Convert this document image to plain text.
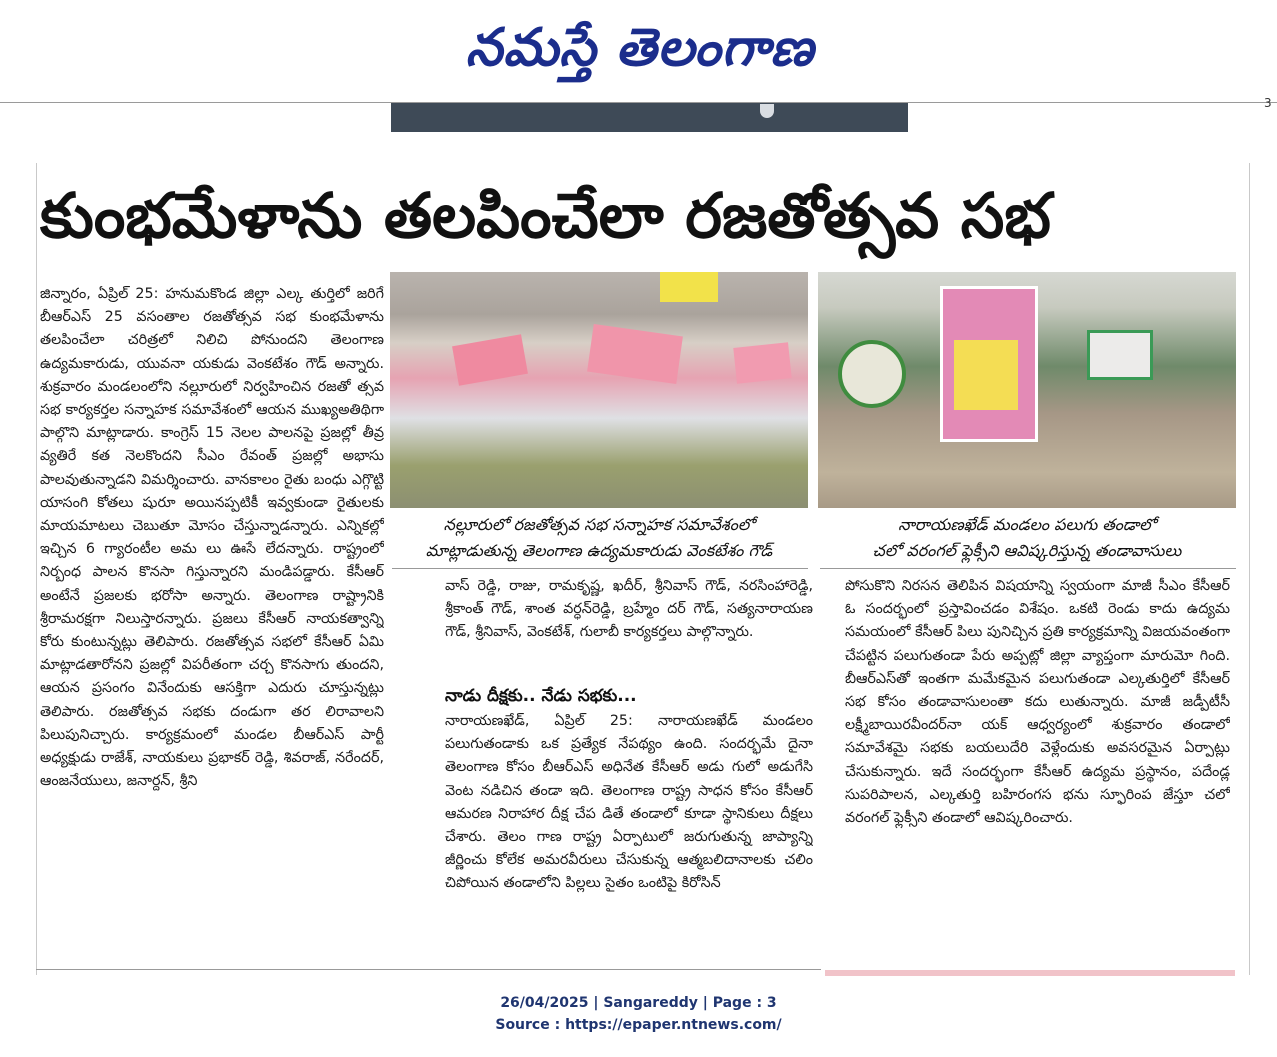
నమస్తే తెలంగాణ
3
కుంభమేళాను తలపించేలా రజతోత్సవ సభ

జిన్నారం, ఏప్రిల్ 25: హనుమకొండ జిల్లా ఎల్క తుర్తిలో జరిగే బీఆర్ఎస్ 25 వసంతాల రజతోత్సవ సభ కుంభమేళాను తలపించేలా చరిత్రలో నిలిచి పోనుందని తెలంగాణ ఉద్యమకారుడు, యువనా యకుడు వెంకటేశం గౌడ్ అన్నారు. శుక్రవారం మండలంలోని నల్లూరులో నిర్వహించిన రజతో త్సవ సభ కార్యకర్తల సన్నాహక సమావేశంలో ఆయన ముఖ్యఅతిథిగా పాల్గొని మాట్లాడారు. కాంగ్రెస్ 15 నెలల పాలనపై ప్రజల్లో తీవ్ర వ్యతిరే కత నెలకొందని సీఎం రేవంత్ ప్రజల్లో అభాసు పాలవుతున్నాడని విమర్శించారు. వానకాలం రైతు బంధు ఎగ్గొట్టి యాసంగి కోతలు షురూ అయినప్పటికీ ఇవ్వకుండా రైతులకు మాయమాటలు చెబుతూ మోసం చేస్తున్నాడన్నారు. ఎన్నికల్లో ఇచ్చిన 6 గ్యారంటీల అమ లు ఊసే లేదన్నారు. రాష్ట్రంలో నిర్బంధ పాలన కొనసా గిస్తున్నారని మండిపడ్డారు. కేసీఆర్ అంటేనే ప్రజలకు భరోసా అన్నారు. తెలంగాణ రాష్ట్రానికి శ్రీరామరక్షగా నిలుస్తారన్నారు. ప్రజలు కేసీఆర్ నాయకత్వాన్ని కోరు కుంటున్నట్లు తెలిపారు. రజతోత్సవ సభలో కేసీఆర్ ఏమి మాట్లాడతారోనని ప్రజల్లో విపరీతంగా చర్చ కొనసాగు తుందని, ఆయన ప్రసంగం వినేందుకు ఆసక్తిగా ఎదురు చూస్తున్నట్లు తెలిపారు. రజతోత్సవ సభకు దండుగా తర లిరావాలని పిలుపునిచ్చారు. కార్యక్రమంలో మండల బీఆర్ఎస్ పార్టీ అధ్యక్షుడు రాజేశ్, నాయకులు ప్రభాకర్ రెడ్డి, శివరాజ్, నరేందర్, ఆంజనేయులు, జనార్దన్, శ్రీని

నల్లూరులో రజతోత్సవ సభ సన్నాహక సమావేశంలో
మాట్లాడుతున్న తెలంగాణ ఉద్యమకారుడు వెంకటేశం గౌడ్
నారాయణఖేడ్ మండలం పలుగు తండాలో
చలో వరంగల్ ఫ్లెక్సీని ఆవిష్కరిస్తున్న తండావాసులు

వాస్ రెడ్డి, రాజు, రామకృష్ణ, ఖదీర్, శ్రీనివాస్ గౌడ్, నరసింహారెడ్డి, శ్రీకాంత్ గౌడ్, శాంత వర్ధన్‌రెడ్డి, బ్రహ్మేం దర్ గౌడ్, సత్యనారాయణ గౌడ్, శ్రీనివాస్, వెంకటేశ్, గులాబీ కార్యకర్తలు పాల్గొన్నారు.

నాడు దీక్షకు.. నేడు సభకు...

నారాయణఖేడ్, ఏప్రిల్ 25: నారాయణఖేడ్ మండలం పలుగుతండాకు ఒక ప్రత్యేక నేపథ్యం ఉంది. సందర్భమే దైనా తెలంగాణ కోసం బీఆర్ఎస్ అధినేత కేసీఆర్ అడు గులో అడుగేసి వెంట నడిచిన తండా ఇది. తెలంగాణ రాష్ట్ర సాధన కోసం కేసీఆర్ ఆమరణ నిరాహార దీక్ష చేప డితే తండాలో కూడా స్థానికులు దీక్షలు చేశారు. తెలం గాణ రాష్ట్ర ఏర్పాటులో జరుగుతున్న జాప్యాన్ని జీర్ణించు కోలేక అమరవీరులు చేసుకున్న ఆత్మబలిదానాలకు చలిం చిపోయిన తండాలోని పిల్లలు సైతం ఒంటిపై కిరోసిన్

పోసుకొని నిరసన తెలిపిన విషయాన్ని స్వయంగా మాజీ సీఎం కేసీఆర్ ఓ సందర్భంలో ప్రస్తావించడం విశేషం. ఒకటి రెండు కాదు ఉద్యమ సమయంలో కేసీఆర్ పిలు పునిచ్చిన ప్రతి కార్యక్రమాన్ని విజయవంతంగా చేపట్టిన పలుగుతండా పేరు అప్పట్లో జిల్లా వ్యాప్తంగా మారుమో గింది. బీఆర్ఎస్‌తో ఇంతగా మమేకమైన పలుగుతండా ఎల్కతుర్తిలో కేసీఆర్ సభ కోసం తండావాసులంతా కదు లుతున్నారు. మాజీ జడ్పీటీసీ లక్ష్మీబాయిరవీందర్‌నా యక్ ఆధ్వర్యంలో శుక్రవారం తండాలో సమావేశమై సభకు బయలుదేరి వెళ్లేందుకు అవసరమైన ఏర్పాట్లు చేసుకున్నారు. ఇదే సందర్భంగా కేసీఆర్ ఉద్యమ ప్రస్థానం, పదేండ్ల సుపరిపాలన, ఎల్కతుర్తి బహిరంగస భను స్ఫూరింప జేస్తూ చలో వరంగల్ ఫ్లెక్సీని తండాలో ఆవిష్కరించారు.

26/04/2025 | Sangareddy | Page : 3
Source : https://epaper.ntnews.com/
